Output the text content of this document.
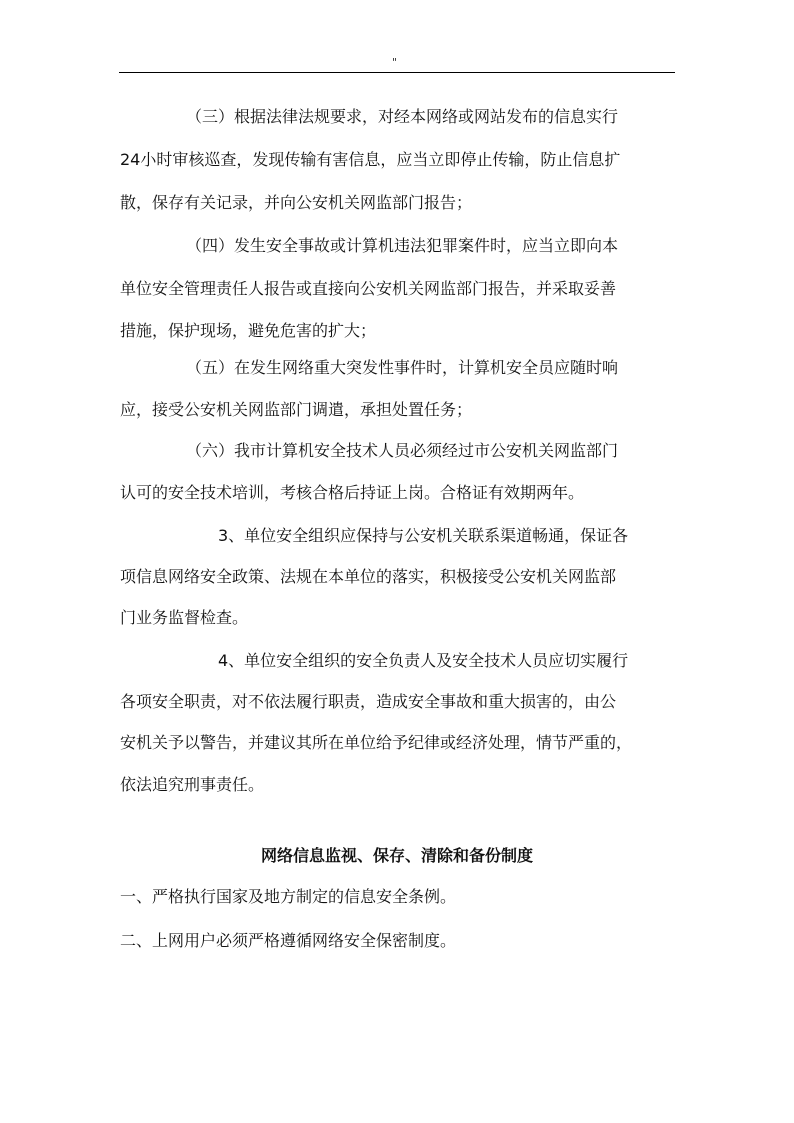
"
（三）根据法律法规要求，对经本网络或网站发布的信息实行
24小时审核巡查，发现传输有害信息，应当立即停止传输，防止信息扩
散，保存有关记录，并向公安机关网监部门报告；
（四）发生安全事故或计算机违法犯罪案件时，应当立即向本
单位安全管理责任人报告或直接向公安机关网监部门报告，并采取妥善
措施，保护现场，避免危害的扩大；
（五）在发生网络重大突发性事件时，计算机安全员应随时响
应，接受公安机关网监部门调遣，承担处置任务；
（六）我市计算机安全技术人员必须经过市公安机关网监部门
认可的安全技术培训，考核合格后持证上岗。合格证有效期两年。
3、单位安全组织应保持与公安机关联系渠道畅通，保证各
项信息网络安全政策、法规在本单位的落实，积极接受公安机关网监部
门业务监督检查。
4、单位安全组织的安全负责人及安全技术人员应切实履行
各项安全职责，对不依法履行职责，造成安全事故和重大损害的，由公
安机关予以警告，并建议其所在单位给予纪律或经济处理，情节严重的，
依法追究刑事责任。
网络信息监视、保存、清除和备份制度
一、严格执行国家及地方制定的信息安全条例。
二、上网用户必须严格遵循网络安全保密制度。
